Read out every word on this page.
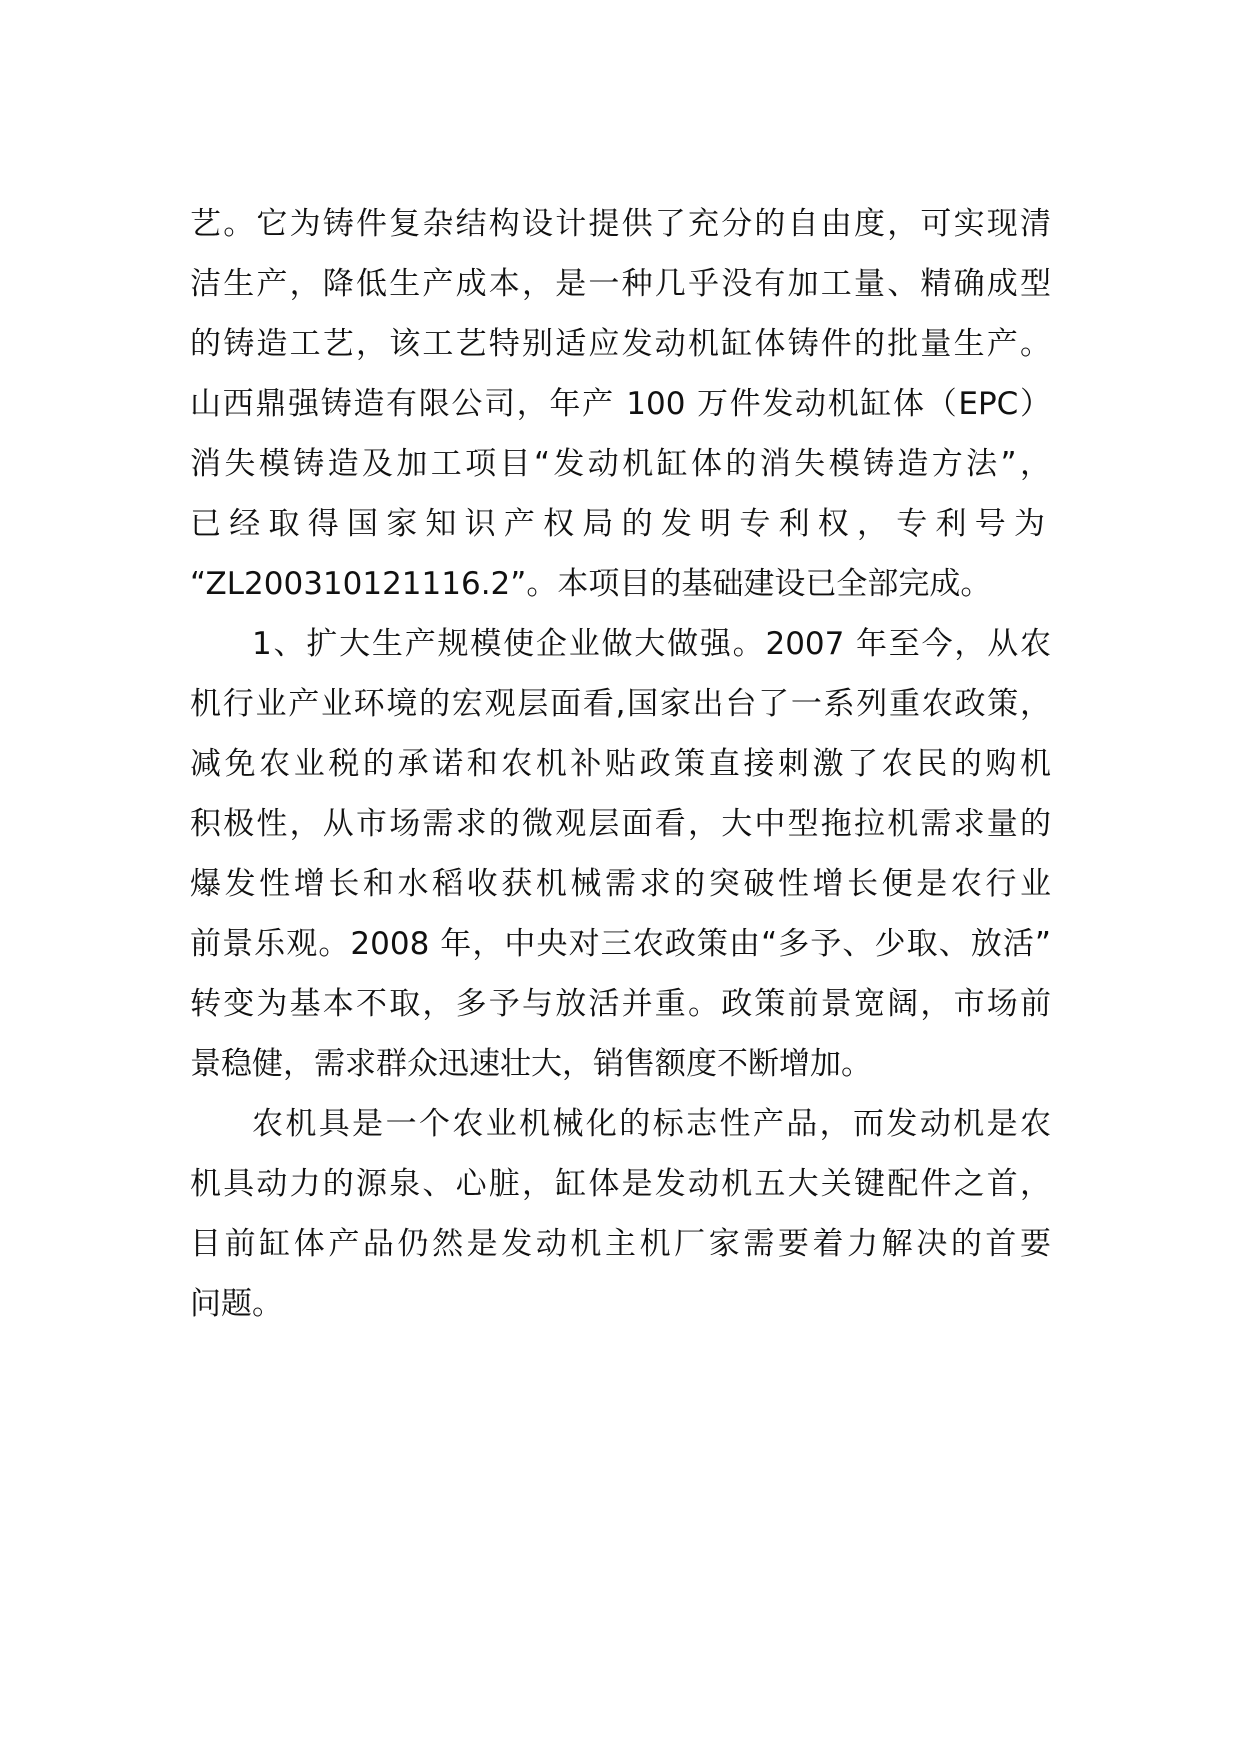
艺。它为铸件复杂结构设计提供了充分的自由度，可实现清
洁生产，降低生产成本，是一种几乎没有加工量、精确成型
的铸造工艺，该工艺特别适应发动机缸体铸件的批量生产。
山西鼎强铸造有限公司，年产 100 万件发动机缸体（EPC）
消失模铸造及加工项目“发动机缸体的消失模铸造方法”，
已经取得国家知识产权局的发明专利权，专利号为
“ZL200310121116.2”。本项目的基础建设已全部完成。
1、扩大生产规模使企业做大做强。2007 年至今，从农
机行业产业环境的宏观层面看,国家出台了一系列重农政策，
减免农业税的承诺和农机补贴政策直接刺激了农民的购机
积极性，从市场需求的微观层面看，大中型拖拉机需求量的
爆发性增长和水稻收获机械需求的突破性增长便是农行业
前景乐观。2008 年，中央对三农政策由“多予、少取、放活”
转变为基本不取，多予与放活并重。政策前景宽阔，市场前
景稳健，需求群众迅速壮大，销售额度不断增加。
农机具是一个农业机械化的标志性产品，而发动机是农
机具动力的源泉、心脏，缸体是发动机五大关键配件之首，
目前缸体产品仍然是发动机主机厂家需要着力解决的首要
问题。
